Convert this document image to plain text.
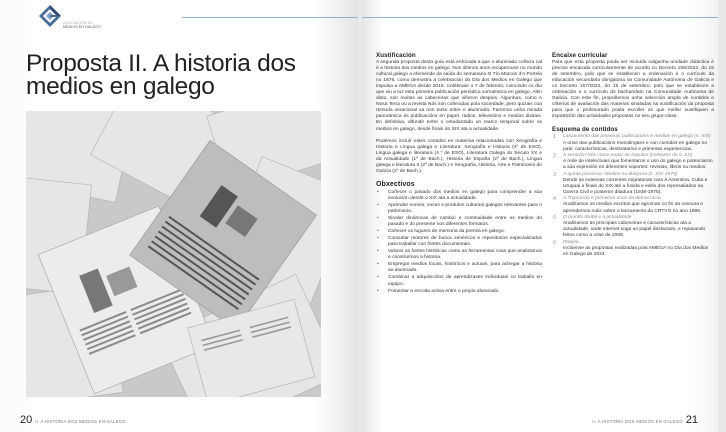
ASOCIACIÓN DE
MEDIOS EN GALEGO
Proposta II. A historia dos
medios en galego
20 II. A HISTORIA DOS MEDIOS EN GALEGO
Xustificación

A segunda proposta desta guía está enfocada a que o alumnado coñeza cal é a historia dos medios en galego. Nos últimos anos recuperouse no mundo cultural galego a efeméride da saída do semanario O Tío Marcos d'A Portela no 1876, como demostra a celebración do Día dos Medios en Galego que impulsa a AMEGA desde 2018. Celébrase o 7 de febreiro, coincindo co día que viu a luz esta primeira publicación periódica xornalística en galego. Alén disto, son moitas as cabeceiras que viñeron despois. Algunhas, como A Nosa Terra ou a revista Nós son coñecidas pola sociedade, pero quizais coa remuda xeracional xa non tanto entre o alumnado. Faremos unha mirada panorámica ás publicacións en papel, radios, televisións e medios dixitais. En definitiva, difundir entre o estudantado un marco temporal sobre os medios en galego, desde finais do XIX ata a actualidade.

Podemos incluír estes contidos en materias relacionadas con Xeografía e Historia e Lingua galega e Literatura: Xeografía e Historia (4º de ESO), Lingua galega e literatura (4 º de ESO), Literatura Galega do Século XX e da Actualidade (1º de Bach.), Historia de España (2º de Bach.), Lingua galega e literatura II (2º de Bach.) e Xeografía, Historia, Arte e Patrimonio de Galicia (2º de Bach.).

Obxectivos
• Coñecer o pasado dos medios en galego para comprender a súa evolución dende o XIX ata a actualidade.
• Aprender nomes, voces e produtos culturais galegos relevantes para o patrimonio.
• Sinalar dinámicas de cambio e continuidade entre os medios do pasado e do presente nos diferentes formatos.
• Coñecer os lugares de memoria da prensa en galego.
• Consultar motores de busca xenéricos e repositorios especializados para traballar con fontes documentais.
• Valorar as fontes históricas como as ferramentas coas que analizamos e construímos a historia.
• Empregar medios locais, históricos e actuais, para achegar a historia ao alumnado.
• Combinar a adquisicións de aprendizaxes individuais co traballo en equipo.
• Fomentar a escoita activa entre o propio alumnado.
Encaixe curricular

Para que esta proposta poida ser incluída nalgunha unidade didáctica é preciso encaixala curricularmente de acordo co Decreto 156/2022, do 15 de setembro, polo que se establecen a ordenación e o currículo da educación secundaria obrigatoria na Comunidade Autónoma de Galicia e co Decreto 157/2022, do 15 de setembro, polo que se establecen a ordenación e o currículo do bacharelato na Comunidade Autónoma de Galicia. Con este fin, propoñemos unha selección ampla de contidos e criterios de avaliación das materias sinaladas na xustificación da proposta para que o profesorado poida escoller os que mellor xustifiquen a impartición das actividades propostas no seu grupo-clase.

Esquema de contidos
1 Lanzamento das primeiras publicacións e medios en galego (s. XIX)
A orixe das publicacións monolingües e con contidos en galego no país: características, destinatarios e primeiras experiencias.
2 A xeración Nós como motor de impulso (comezos do s. XX)
A rede de intelectuais que fomentaron o uso do galego e potenciaron a súa expresión en diferentes soportes: revistas, libros ou medios.
3 A quinta provincia: Medios na diáspora (s. XIX-1975)
Dende as extensas correntes migratorias cara á Arxentina, Cuba e Uruguai a finais do XIX até a fuxida e exilio dos represaliados na Guerra Civil e posterior ditadura (1936-1975).
4 A Transición e primeiros anos da democracia
Analizamos os medios escritos que agroman co fin da censura e aprendemos máis sobre o lanzamento da CRTVG no ano 1985.
5 O mundo dixital e a actualidade
Analizamos as principais cabeceiras e características ata a actualidade, onde internet xoga un papel destacado, e repasando feitos como a crise de 2008.
6 Roteiro
Inclúense as propostas realizadas pola AMEGA no Día dos Medios en Galego de 2024.
II. A HISTORIA DOS MEDIOS EN GALEGO 21
